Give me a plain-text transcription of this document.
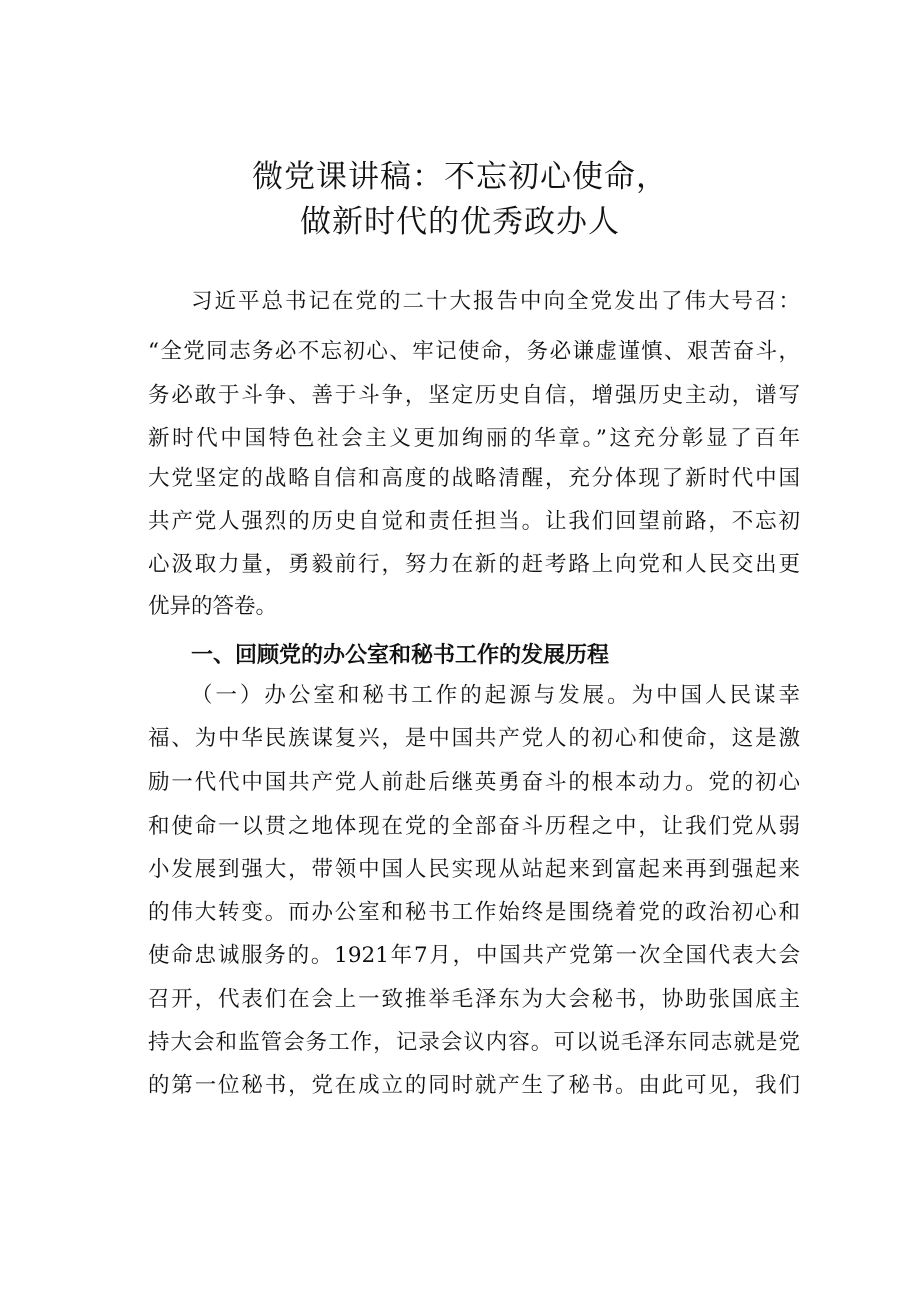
微党课讲稿：不忘初心使命，
做新时代的优秀政办人

习近平总书记在党的二十大报告中向全党发出了伟大号召：

“全党同志务必不忘初心、牢记使命，务必谦虚谨慎、艰苦奋斗，

务必敢于斗争、善于斗争，坚定历史自信，增强历史主动，谱写

新时代中国特色社会主义更加绚丽的华章。”这充分彰显了百年

大党坚定的战略自信和高度的战略清醒，充分体现了新时代中国

共产党人强烈的历史自觉和责任担当。让我们回望前路，不忘初

心汲取力量，勇毅前行，努力在新的赶考路上向党和人民交出更

优异的答卷。

一、回顾党的办公室和秘书工作的发展历程

（一）办公室和秘书工作的起源与发展。为中国人民谋幸

福、为中华民族谋复兴，是中国共产党人的初心和使命，这是激

励一代代中国共产党人前赴后继英勇奋斗的根本动力。党的初心

和使命一以贯之地体现在党的全部奋斗历程之中，让我们党从弱

小发展到强大，带领中国人民实现从站起来到富起来再到强起来

的伟大转变。而办公室和秘书工作始终是围绕着党的政治初心和

使命忠诚服务的。1921年7月，中国共产党第一次全国代表大会

召开，代表们在会上一致推举毛泽东为大会秘书，协助张国底主

持大会和监管会务工作，记录会议内容。可以说毛泽东同志就是党

的第一位秘书，党在成立的同时就产生了秘书。由此可见，我们
